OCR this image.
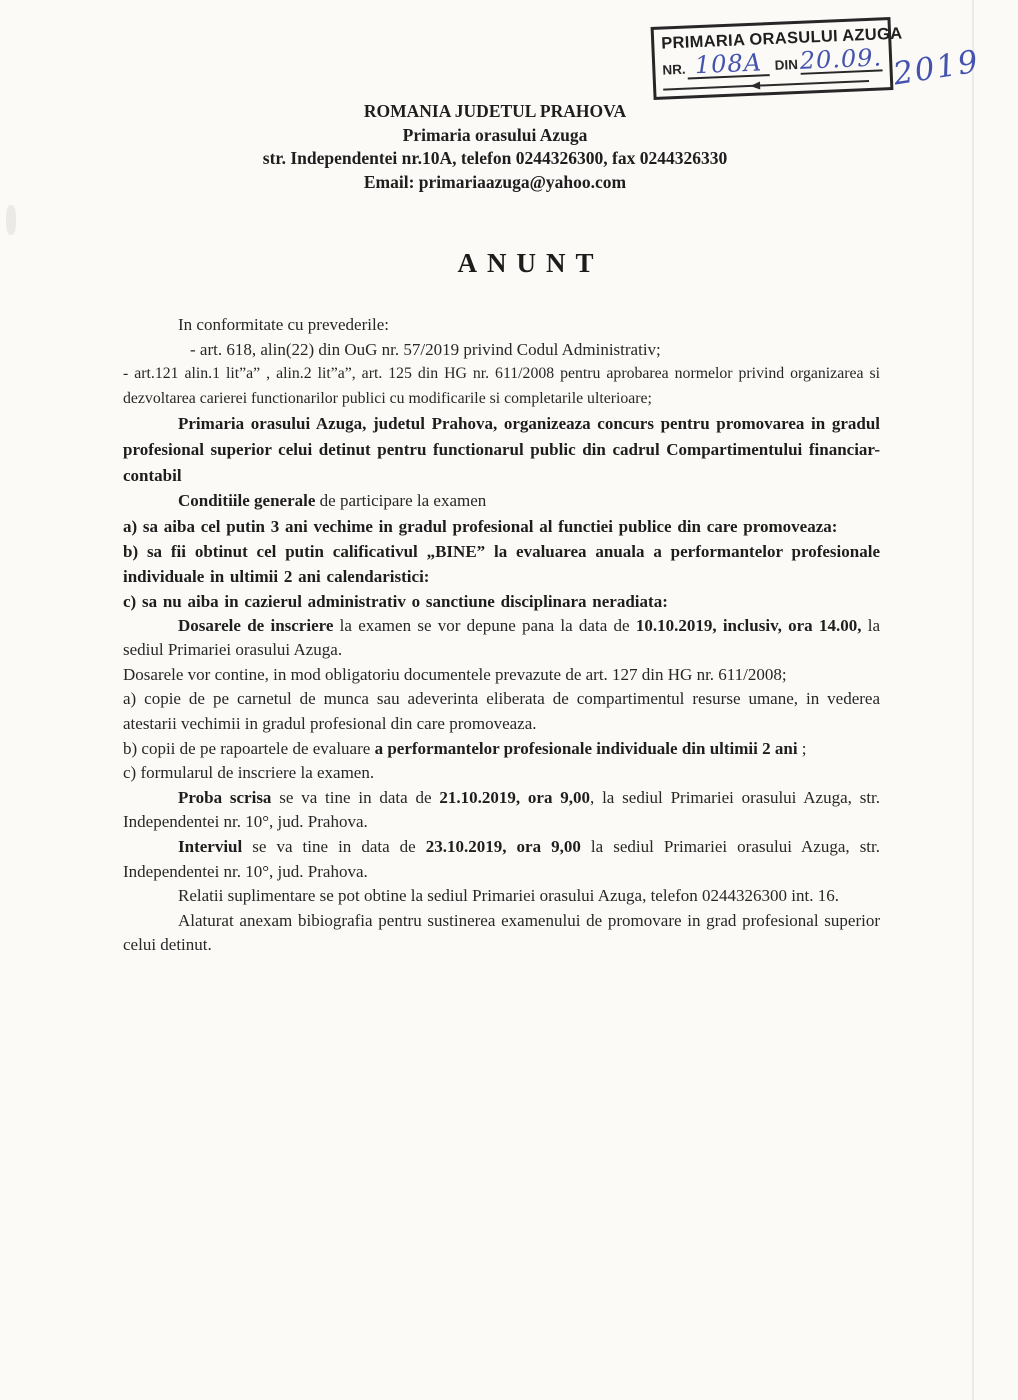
PRIMARIA ORASULUI AZUGA
NR. 108A DIN 20.09. 2019
ROMANIA JUDETUL PRAHOVA
Primaria orasului Azuga
str. Independentei nr.10A, telefon 0244326300, fax 0244326330
Email: primariaazuga@yahoo.com
ANUNT

In conformitate cu prevederile:

- art. 618, alin(22) din OuG nr. 57/2019 privind Codul Administrativ;

- art.121 alin.1 lit”a” , alin.2 lit”a”, art. 125 din HG nr. 611/2008 pentru aprobarea normelor privind organizarea si dezvoltarea carierei functionarilor publici cu modificarile si completarile ulterioare;

Primaria orasului Azuga, judetul Prahova, organizeaza concurs pentru promovarea in gradul profesional superior celui detinut pentru functionarul public din cadrul Compartimentului financiar-contabil

Conditiile generale de participare la examen

a) sa aiba cel putin 3 ani vechime in gradul profesional al functiei publice din care promoveaza:

b) sa fii obtinut cel putin calificativul „BINE” la evaluarea anuala a performantelor profesionale individuale in ultimii 2 ani calendaristici:

c) sa nu aiba in cazierul administrativ o sanctiune disciplinara neradiata:

Dosarele de inscriere la examen se vor depune pana la data de 10.10.2019, inclusiv, ora 14.00, la sediul Primariei orasului Azuga.

Dosarele vor contine, in mod obligatoriu documentele prevazute de art. 127 din HG nr. 611/2008;

a) copie de pe carnetul de munca sau adeverinta eliberata de compartimentul resurse umane, in vederea atestarii vechimii in gradul profesional din care promoveaza.

b) copii de pe rapoartele de evaluare a performantelor profesionale individuale din ultimii 2 ani ;

c) formularul de inscriere la examen.

Proba scrisa se va tine in data de 21.10.2019, ora 9,00, la sediul Primariei orasului Azuga, str. Independentei nr. 10°, jud. Prahova.

Interviul se va tine in data de 23.10.2019, ora 9,00 la sediul Primariei orasului Azuga, str. Independentei nr. 10°, jud. Prahova.

Relatii suplimentare se pot obtine la sediul Primariei orasului Azuga, telefon 0244326300 int. 16.

Alaturat anexam bibiografia pentru sustinerea examenului de promovare in grad profesional superior celui detinut.
